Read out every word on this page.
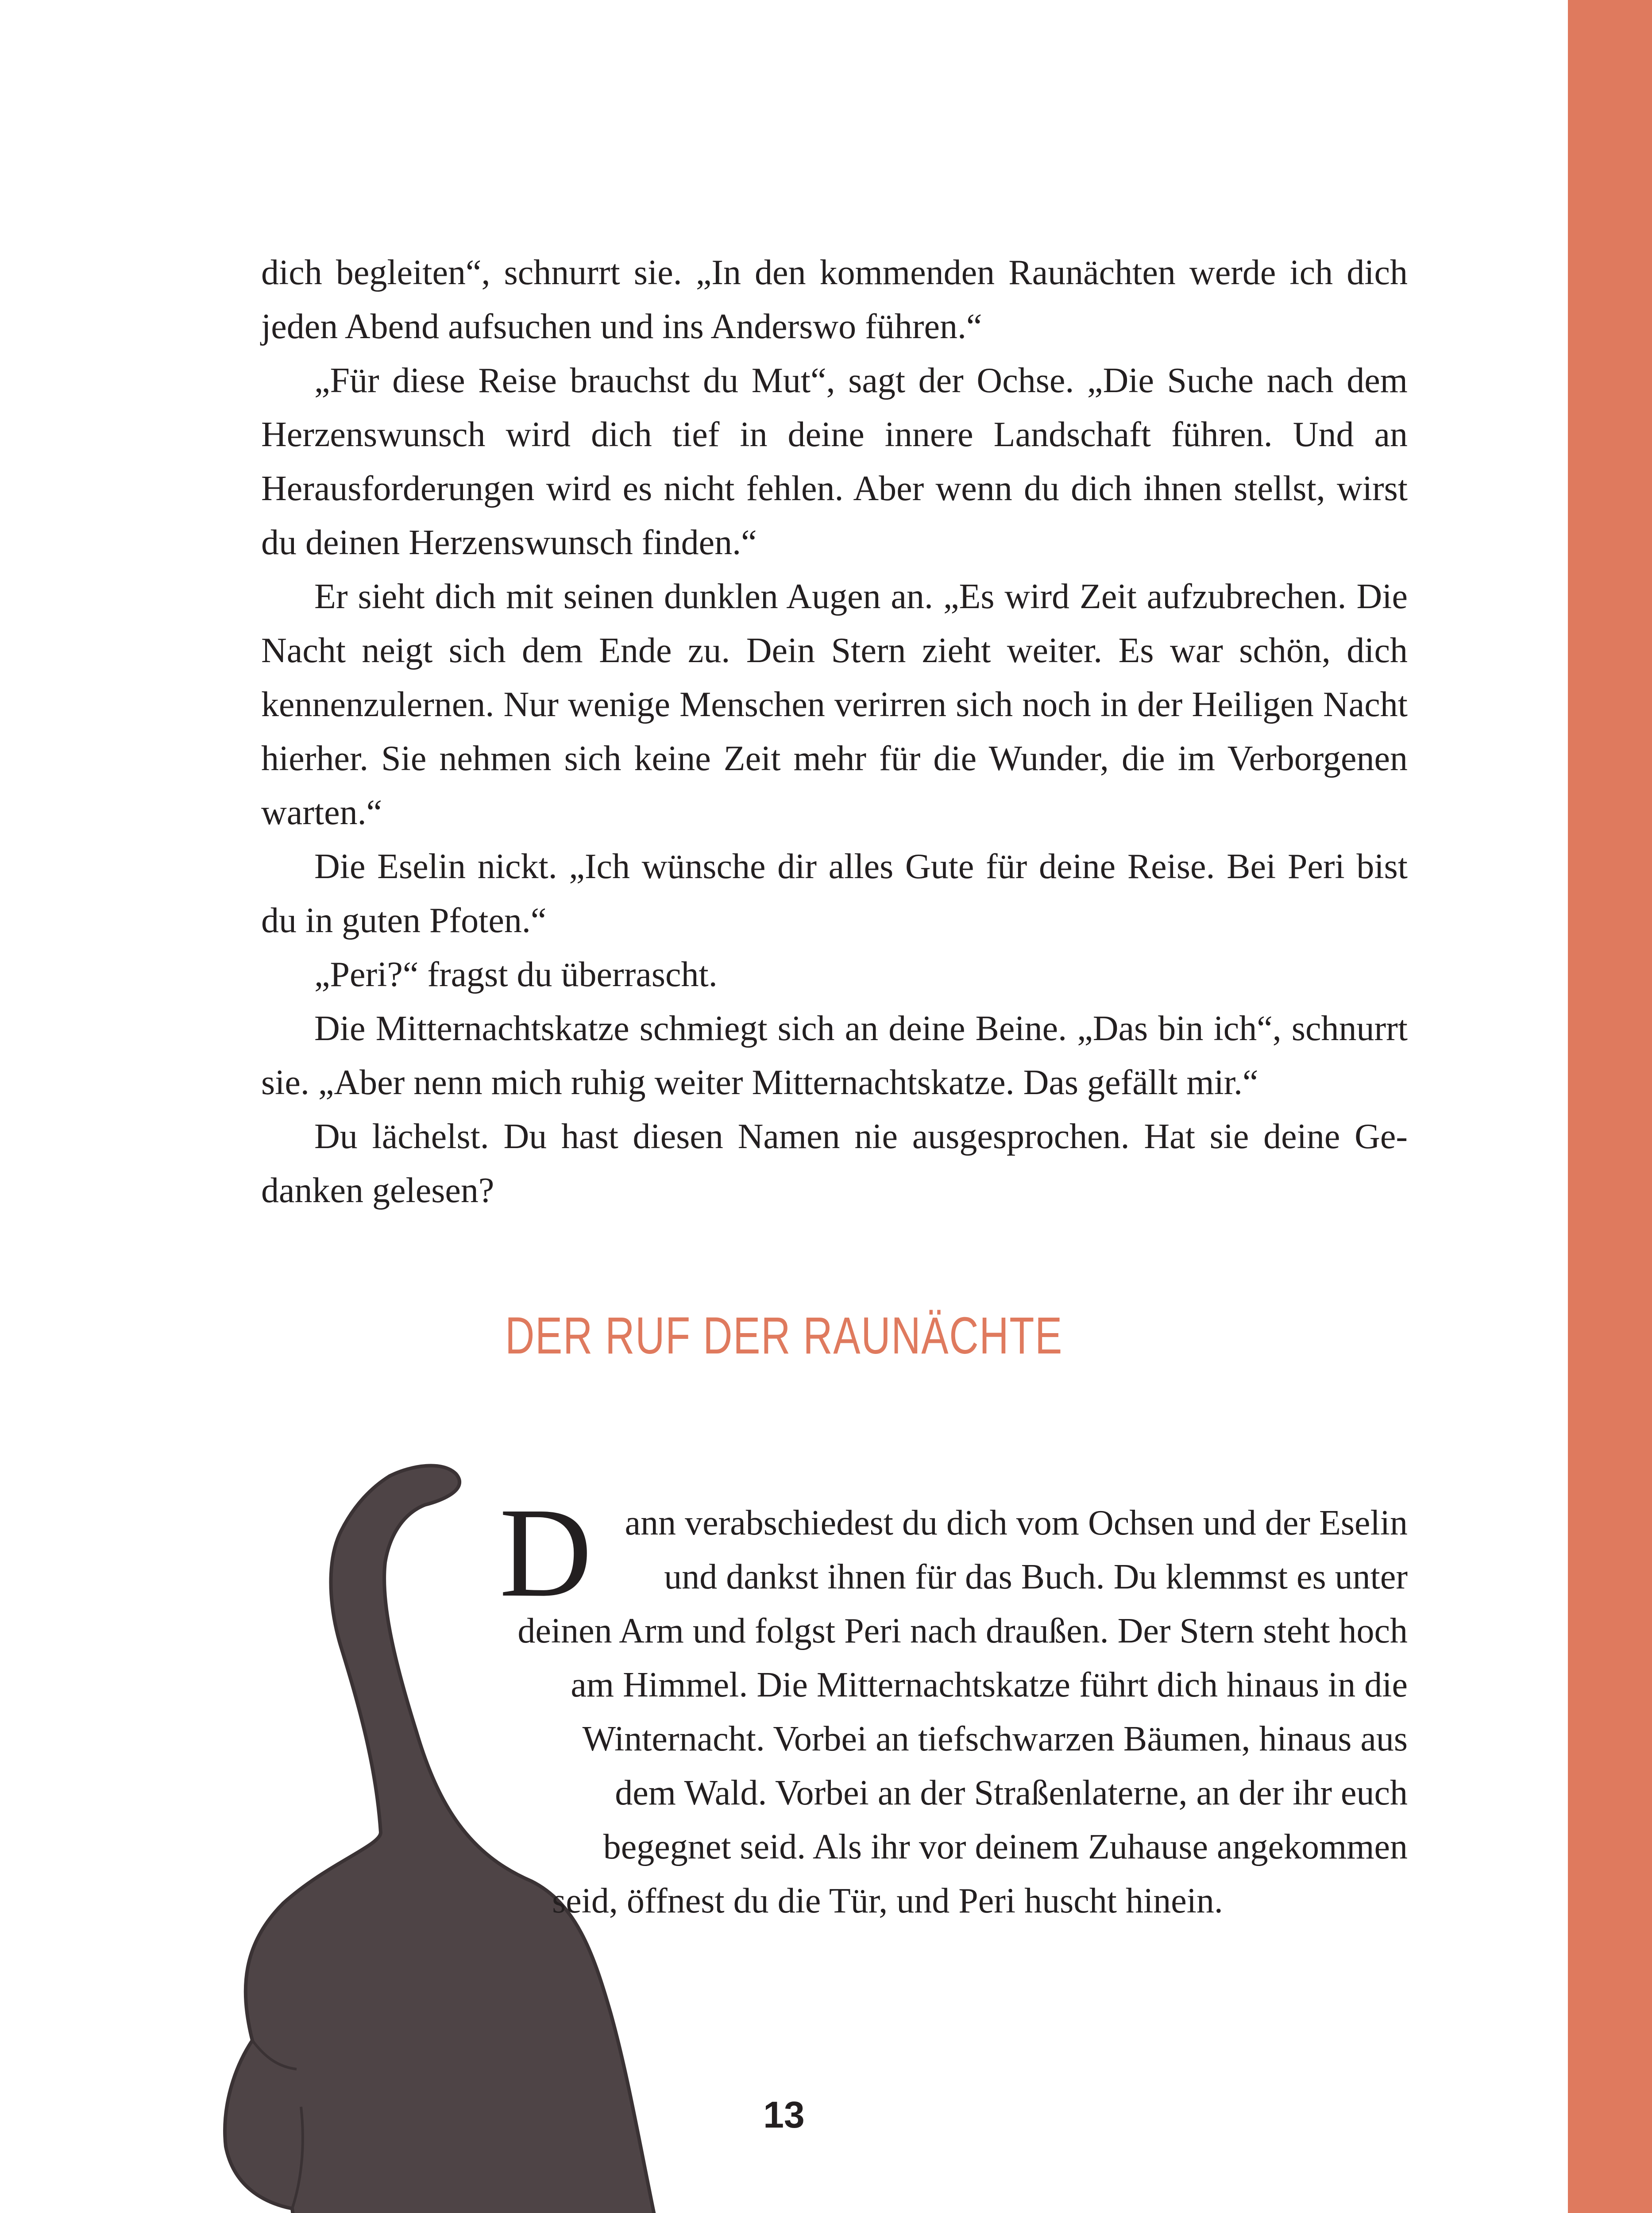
dich begleiten“, schnurrt sie. „In den kommenden Raunächten werde ich dich jeden Abend aufsuchen und ins Anderswo führen.“

„Für diese Reise brauchst du Mut“, sagt der Ochse. „Die Suche nach dem Herzenswunsch wird dich tief in deine innere Landschaft führen. Und an Herausforderungen wird es nicht fehlen. Aber wenn du dich ihnen stellst, wirst du deinen Herzenswunsch finden.“

Er sieht dich mit seinen dunklen Augen an. „Es wird Zeit aufzubrechen. Die Nacht neigt sich dem Ende zu. Dein Stern zieht weiter. Es war schön, dich kennenzulernen. Nur wenige Menschen verirren sich noch in der Heiligen Nacht hierher. Sie nehmen sich keine Zeit mehr für die Wunder, die im Verborgenen warten.“

Die Eselin nickt. „Ich wünsche dir alles Gute für deine Reise. Bei Peri bist du in guten Pfoten.“

„Peri?“ fragst du überrascht.

Die Mitternachtskatze schmiegt sich an deine Beine. „Das bin ich“, schnurrt sie. „Aber nenn mich ruhig weiter Mitternachtskatze. Das gefällt mir.“

Du lächelst. Du hast diesen Namen nie ausgesprochen. Hat sie deine Gedanken gelesen?

DER RUF DER RAUNÄCHTE
D ann verabschiedest du dich vom Ochsen und der Eselin
und dankst ihnen für das Buch. Du klemmst es unter
deinen Arm und folgst Peri nach draußen. Der Stern steht hoch
am Himmel. Die Mitternachtskatze führt dich hinaus in die
Winternacht. Vorbei an tiefschwarzen Bäumen, hinaus aus
dem Wald. Vorbei an der Straßenlaterne, an der ihr euch
begegnet seid. Als ihr vor deinem Zuhause angekommen
seid, öffnest du die Tür, und Peri huscht hinein.
13
